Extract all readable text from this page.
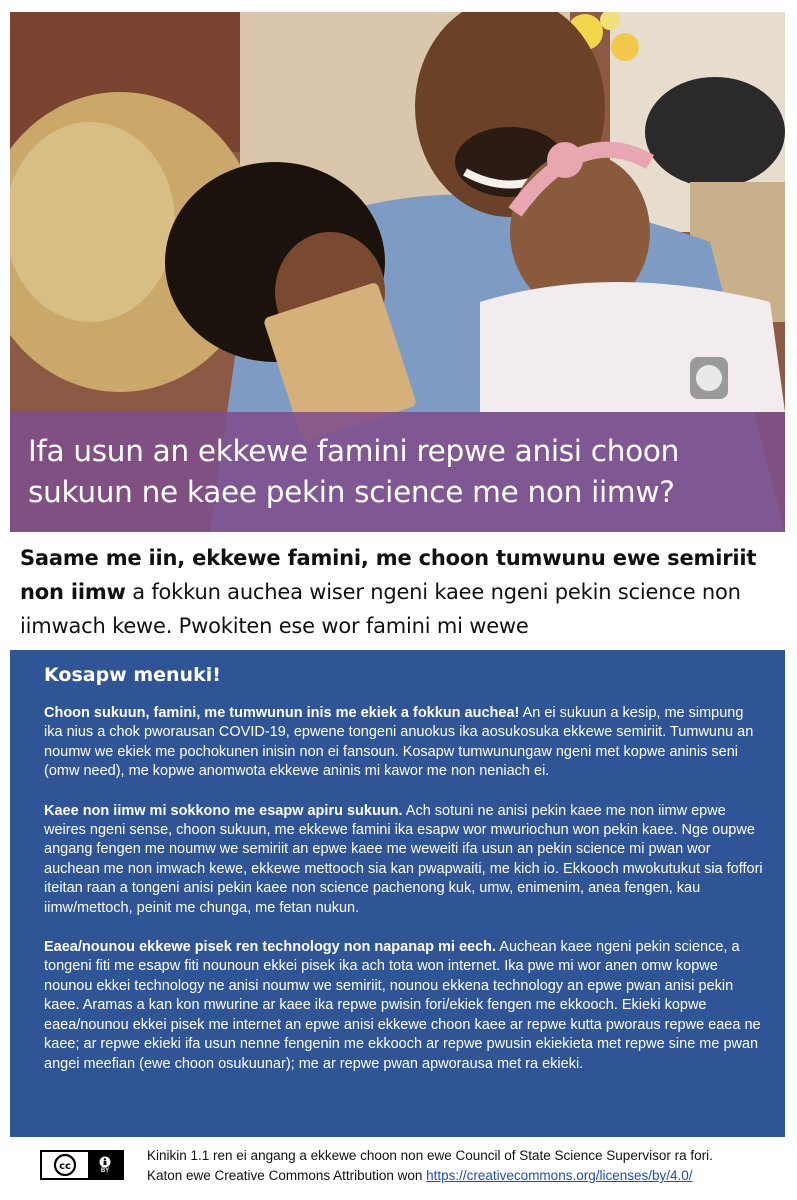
Ifa usun an ekkewe famini repwe anisi choon sukuun ne kaee pekin science me non iimw?

Saame me iin, ekkewe famini, me choon tumwunu ewe semiriit non iimw a fokkun auchea wiser ngeni kaee ngeni pekin science non iimwach kewe. Pwokiten ese wor famini mi wewe

Kosapw menuki!

Choon sukuun, famini, me tumwunun inis me ekiek a fokkun auchea! An ei sukuun a kesip, me simpung ika nius a chok pworausan COVID-19, epwene tongeni anuokus ika aosukosuka ekkewe semiriit. Tumwunu an noumw we ekiek me pochokunen inisin non ei fansoun. Kosapw tumwunungaw ngeni met kopwe aninis seni (omw need), me kopwe anomwota ekkewe aninis mi kawor me non neniach ei.

Kaee non iimw mi sokkono me esapw apiru sukuun. Ach sotuni ne anisi pekin kaee me non iimw epwe weires ngeni sense, choon sukuun, me ekkewe famini ika esapw wor mwuriochun won pekin kaee. Nge oupwe angang fengen me noumw we semiriit an epwe kaee me weweiti ifa usun an pekin science mi pwan wor auchean me non imwach kewe, ekkewe mettooch sia kan pwapwaiti, me kich io. Ekkooch mwokutukut sia foffori iteitan raan a tongeni anisi pekin kaee non science pachenong kuk, umw, enimenim, anea fengen, kau iimw/mettoch, peinit me chunga, me fetan nukun.

Eaea/nounou ekkewe pisek ren technology non napanap mi eech. Auchean kaee ngeni pekin science, a tongeni fiti me esapw fiti nounoun ekkei pisek ika ach tota won internet. Ika pwe mi wor anen omw kopwe nounou ekkei technology ne anisi noumw we semiriit, nounou ekkena technology an epwe pwan anisi pekin kaee. Aramas a kan kon mwurine ar kaee ika repwe pwisin fori/ekiek fengen me ekkooch. Ekieki kopwe eaea/nounou ekkei pisek me internet an epwe anisi ekkewe choon kaee ar repwe kutta pworaus repwe eaea ne kaee; ar repwe ekieki ifa usun nenne fengenin me ekkooch ar repwe pwusin ekiekieta met repwe sine me pwan angei meefian (ewe choon osukuunar); me ar repwe pwan apworausa met ra ekieki.

cc	BY

Kinikin 1.1 ren ei angang a ekkewe choon non ewe Council of State Science Supervisor ra fori.
Katon ewe Creative Commons Attribution won https://creativecommons.org/licenses/by/4.0/
